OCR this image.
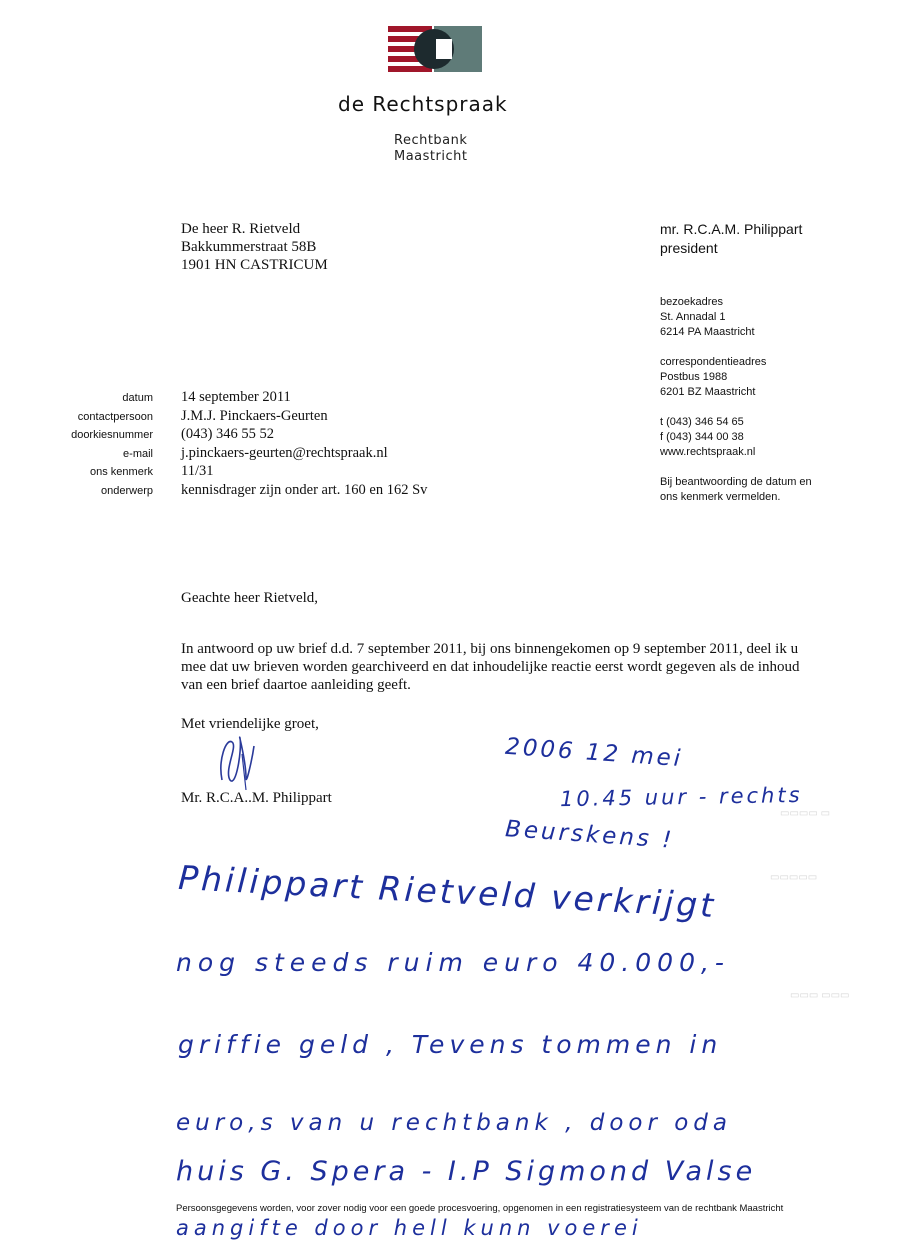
de Rechtspraak
Rechtbank
Maastricht
De heer R. Rietveld
Bakkummerstraat 58B
1901 HN CASTRICUM
mr. R.C.A.M. Philippart
president
bezoekadres
St. Annadal 1
6214 PA Maastricht
correspondentieadres
Postbus 1988
6201 BZ Maastricht
t (043) 346 54 65
f (043) 344 00 38
www.rechtspraak.nl
Bij beantwoording de datum en
ons kenmerk vermelden.
datum 14 september 2011
contactpersoon J.M.J. Pinckaers-Geurten
doorkiesnummer (043) 346 55 52
e-mail j.pinckaers-geurten@rechtspraak.nl
ons kenmerk 11/31
onderwerp kennisdrager zijn onder art. 160 en 162 Sv
Geachte heer Rietveld,
In antwoord op uw brief d.d. 7 september 2011, bij ons binnengekomen op 9 september 2011, deel ik u
mee dat uw brieven worden gearchiveerd en dat inhoudelijke reactie eerst wordt gegeven als de inhoud
van een brief daartoe aanleiding geeft.
Met vriendelijke groet,
Mr. R.C.A..M. Philippart
▭▭▭▭ ▭
▭▭▭▭▭
▭▭▭ ▭▭▭
2006 12 mei
10.45 uur - rechts
Beurskens !
Philippart Rietveld verkrijgt
nog steeds ruim euro 40.000,-
griffie geld , Tevens tommen in
euro,s van u rechtbank , door oda
huis G. Spera - I.P Sigmond Valse
Persoonsgegevens worden, voor zover nodig voor een goede procesvoering, opgenomen in een registratiesysteem van de rechtbank Maastricht
aangifte door hell kunn voerei
